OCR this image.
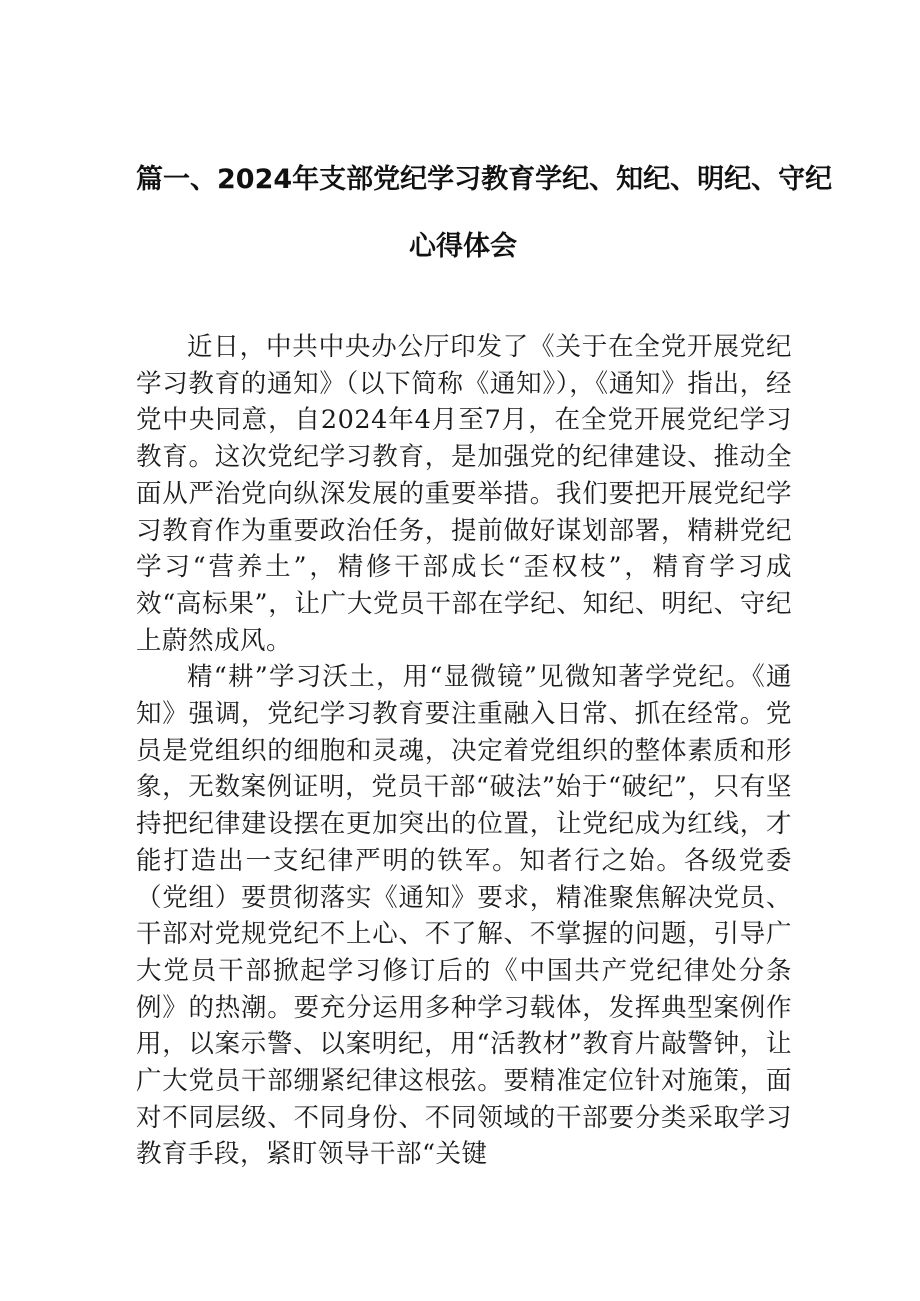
篇一、2024年支部党纪学习教育学纪、知纪、明纪、守纪
心得体会

近日，中共中央办公厅印发了《关于在全党开展党纪学习教育的通知》（以下简称《通知》），《通知》指出，经党中央同意，自2024年4月至7月，在全党开展党纪学习教育。这次党纪学习教育，是加强党的纪律建设、推动全面从严治党向纵深发展的重要举措。我们要把开展党纪学习教育作为重要政治任务，提前做好谋划部署，精耕党纪学习“营养土”，精修干部成长“歪权枝”，精育学习成效“高标果”，让广大党员干部在学纪、知纪、明纪、守纪上蔚然成风。

精“耕”学习沃土，用“显微镜”见微知著学党纪。《通知》强调，党纪学习教育要注重融入日常、抓在经常。党员是党组织的细胞和灵魂，决定着党组织的整体素质和形象，无数案例证明，党员干部“破法”始于“破纪”，只有坚持把纪律建设摆在更加突出的位置，让党纪成为红线，才能打造出一支纪律严明的铁军。知者行之始。各级党委（党组）要贯彻落实《通知》要求，精准聚焦解决党员、干部对党规党纪不上心、不了解、不掌握的问题，引导广大党员干部掀起学习修订后的《中国共产党纪律处分条例》的热潮。要充分运用多种学习载体，发挥典型案例作用，以案示警、以案明纪，用“活教材”教育片敲警钟，让广大党员干部绷紧纪律这根弦。要精准定位针对施策，面对不同层级、不同身份、不同领域的干部要分类采取学习教育手段，紧盯领导干部“关键
